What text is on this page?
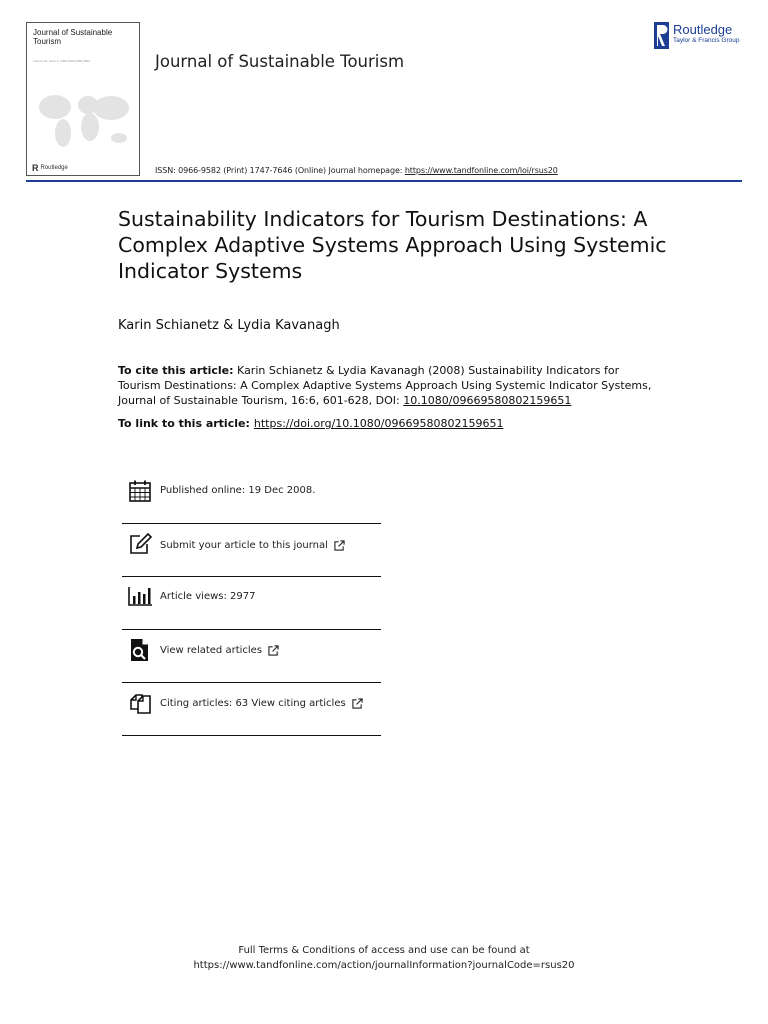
Journal of Sustainable Tourism
Volume 16, Issue 6, 2008 ISSN 0966-9582
R Routledge
Journal of Sustainable Tourism
Routledge
Taylor & Francis Group
ISSN: 0966-9582 (Print) 1747-7646 (Online) Journal homepage: https://www.tandfonline.com/loi/rsus20
Sustainability Indicators for Tourism Destinations: A Complex Adaptive Systems Approach Using Systemic Indicator Systems
Karin Schianetz & Lydia Kavanagh
To cite this article: Karin Schianetz & Lydia Kavanagh (2008) Sustainability Indicators for Tourism Destinations: A Complex Adaptive Systems Approach Using Systemic Indicator Systems, Journal of Sustainable Tourism, 16:6, 601-628, DOI: 10.1080/09669580802159651
To link to this article: https://doi.org/10.1080/09669580802159651
Published online: 19 Dec 2008.
Submit your article to this journal
Article views: 2977
View related articles
Citing articles: 63 View citing articles
Full Terms & Conditions of access and use can be found at
https://www.tandfonline.com/action/journalInformation?journalCode=rsus20
